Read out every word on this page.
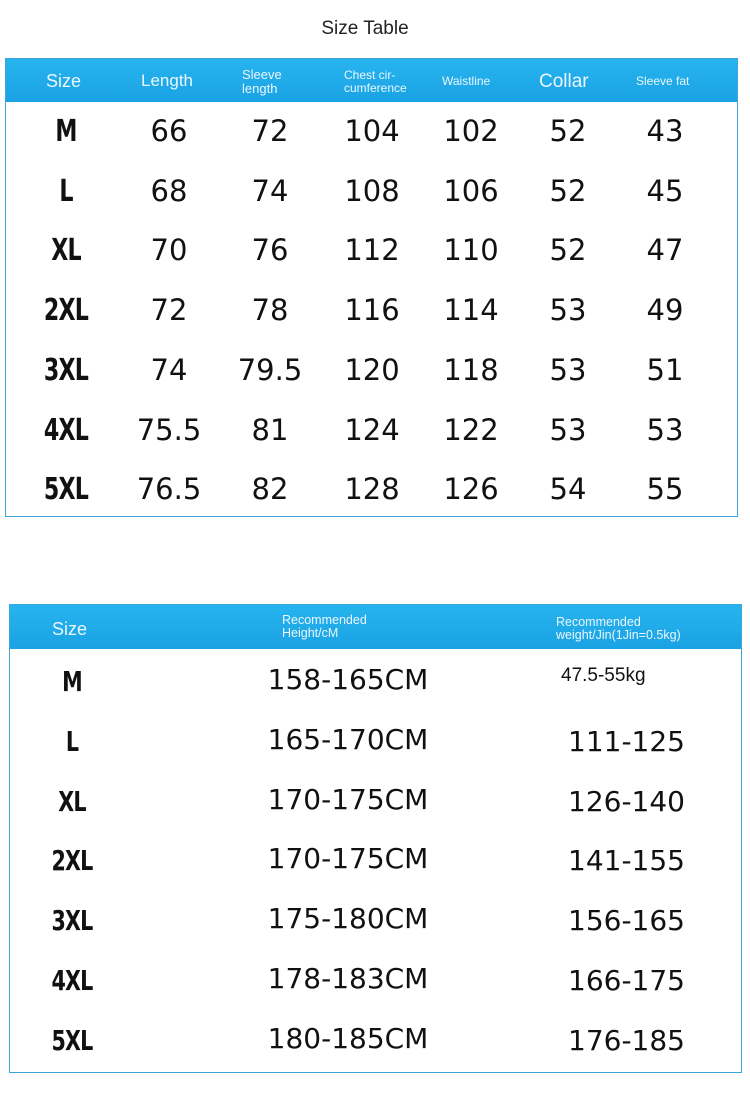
Size Table
Size	Length	Sleeve
length
Chest cir-
cumference	Waistline	Collar	Sleeve fat
M	66	72	104	102	52	43
L	68	74	108	106	52	45
XL	70	76	112	110	52	47
2XL	72	78	116	114	53	49
3XL	74	79.5	120	118	53	51
4XL	75.5	81	124	122	53	53
5XL	76.5	82	128	126	54	55
Size	Recommended
Height/cM
Recommended
weight/Jin(1Jin=0.5kg)
M	158-165CM	47.5-55kg
L	165-170CM	111-125
XL	170-175CM	126-140
2XL	170-175CM	141-155
3XL	175-180CM	156-165
4XL	178-183CM	166-175
5XL	180-185CM	176-185
